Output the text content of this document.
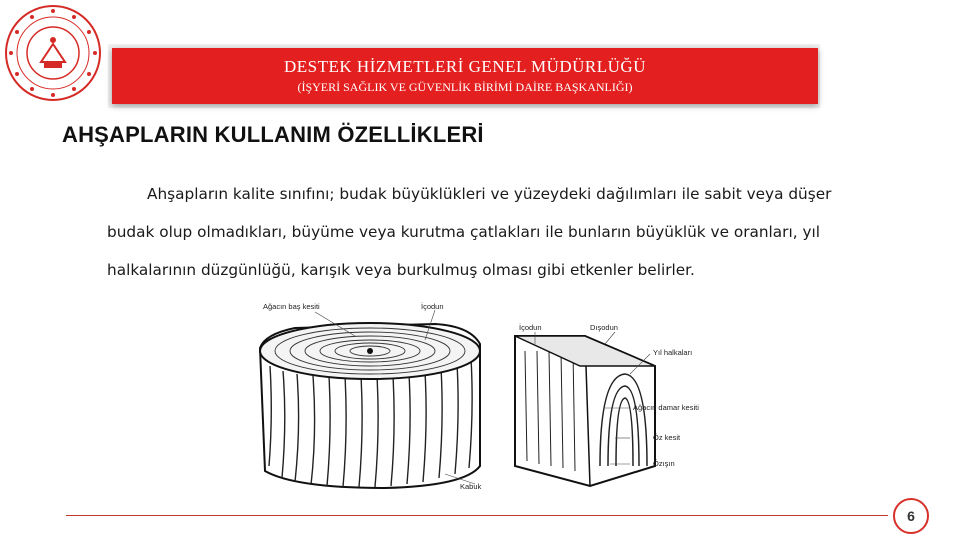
DESTEK HİZMETLERİ GENEL MÜDÜRLÜĞÜ
(İŞYERİ SAĞLIK VE GÜVENLİK BİRİMİ DAİRE BAŞKANLIĞI)
AHŞAPLARIN KULLANIM ÖZELLİKLERİ

Ahşapların kalite sınıfını; budak büyüklükleri ve yüzeydeki dağılımları ile sabit veya düşer budak olup olmadıkları, büyüme veya kurutma çatlakları ile bunların büyüklük ve oranları, yıl halkalarının düzgünlüğü, karışık veya burkulmuş olması gibi etkenler belirler.

Ağacın baş kesiti	İçodun
İçodun	Dışodun
Yıl halkaları
Ağacın damar kesiti
Öz kesit
Özışın
Kabuk
6
